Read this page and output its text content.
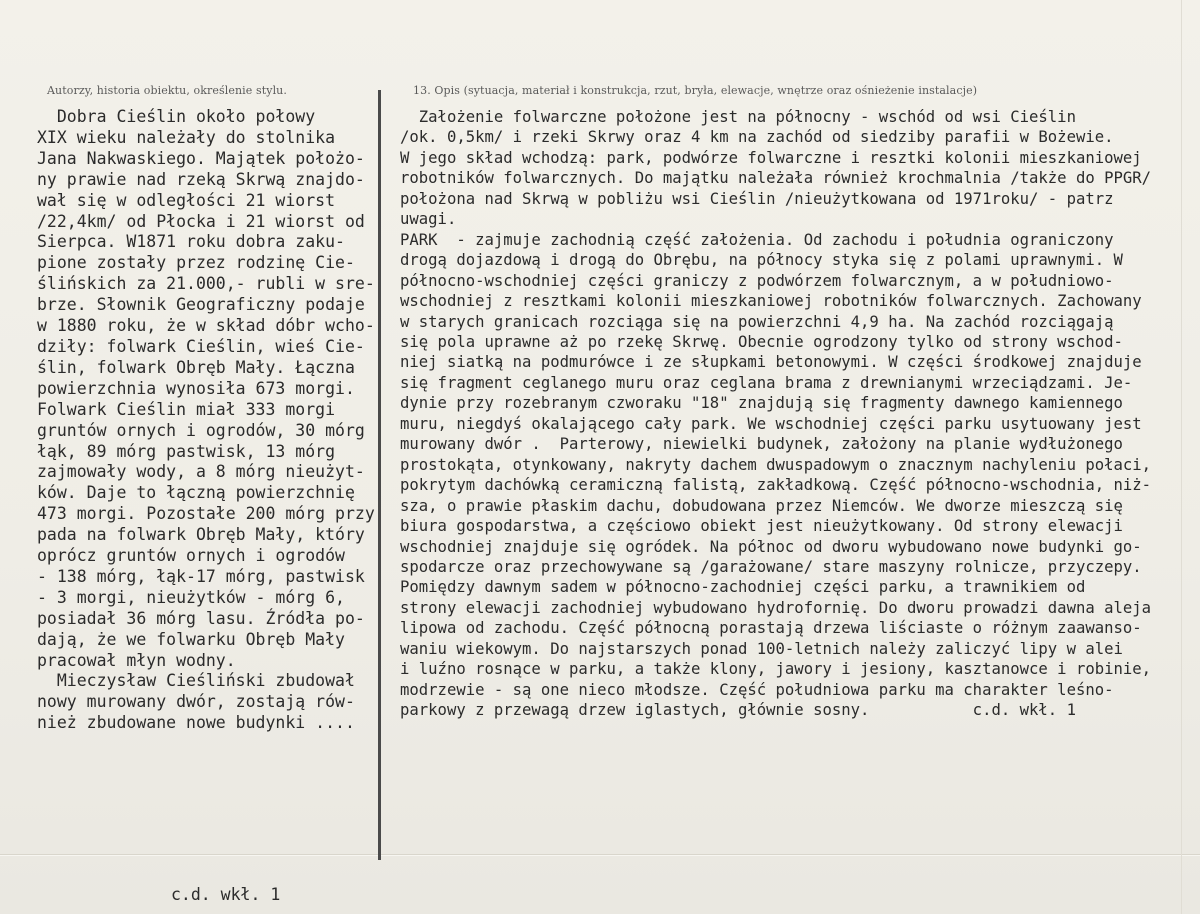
Autorzy, historia obiektu, określenie stylu.	13. Opis (sytuacja, materiał i konstrukcja, rzut, bryła, elewacje, wnętrze oraz ośnieżenie instalacje)
Dobra Cieślin około połowy
XIX wieku należały do stolnika
Jana Nakwaskiego. Majątek położo-
ny prawie nad rzeką Skrwą znajdo-
wał się w odległości 21 wiorst
/22,4km/ od Płocka i 21 wiorst od
Sierpca. W1871 roku dobra zaku-
pione zostały przez rodzinę Cie-
ślińskich za 21.000,- rubli w sre-
brze. Słownik Geograficzny podaje
w 1880 roku, że w skład dóbr wcho-
dziły: folwark Cieślin, wieś Cie-
ślin, folwark Obręb Mały. Łączna
powierzchnia wynosiła 673 morgi.
Folwark Cieślin miał 333 morgi
gruntów ornych i ogrodów, 30 mórg
łąk, 89 mórg pastwisk, 13 mórg
zajmowały wody, a 8 mórg nieużyt-
ków. Daje to łączną powierzchnię
473 morgi. Pozostałe 200 mórg przy
pada na folwark Obręb Mały, który
oprócz gruntów ornych i ogrodów
- 138 mórg, łąk-17 mórg, pastwisk
- 3 morgi, nieużytków - mórg 6,
posiadał 36 mórg lasu. Źródła po-
dają, że we folwarku Obręb Mały
pracował młyn wodny.
Mieczysław Cieśliński zbudował
nowy murowany dwór, zostają rów-
nież zbudowane nowe budynki ....
Założenie folwarczne położone jest na północny - wschód od wsi Cieślin
/ok. 0,5km/ i rzeki Skrwy oraz 4 km na zachód od siedziby parafii w Bożewie.
W jego skład wchodzą: park, podwórze folwarczne i resztki kolonii mieszkaniowej
robotników folwarcznych. Do majątku należała również krochmalnia /także do PPGR/
położona nad Skrwą w pobliżu wsi Cieślin /nieużytkowana od 1971roku/ - patrz
uwagi.
PARK  - zajmuje zachodnią część założenia. Od zachodu i południa ograniczony
drogą dojazdową i drogą do Obrębu, na północy styka się z polami uprawnymi. W
północno-wschodniej części graniczy z podwórzem folwarcznym, a w południowo-
wschodniej z resztkami kolonii mieszkaniowej robotników folwarcznych. Zachowany
w starych granicach rozciąga się na powierzchni 4,9 ha. Na zachód rozciągają
się pola uprawne aż po rzekę Skrwę. Obecnie ogrodzony tylko od strony wschod-
niej siatką na podmurówce i ze słupkami betonowymi. W części środkowej znajduje
się fragment ceglanego muru oraz ceglana brama z drewnianymi wrzeciądzami. Je-
dynie przy rozebranym czworaku "18" znajdują się fragmenty dawnego kamiennego
muru, niegdyś okalającego cały park. We wschodniej części parku usytuowany jest
murowany dwór .  Parterowy, niewielki budynek, założony na planie wydłużonego
prostokąta, otynkowany, nakryty dachem dwuspadowym o znacznym nachyleniu połaci,
pokrytym dachówką ceramiczną falistą, zakładkową. Część północno-wschodnia, niż-
sza, o prawie płaskim dachu, dobudowana przez Niemców. We dworze mieszczą się
biura gospodarstwa, a częściowo obiekt jest nieużytkowany. Od strony elewacji
wschodniej znajduje się ogródek. Na północ od dworu wybudowano nowe budynki go-
spodarcze oraz przechowywane są /garażowane/ stare maszyny rolnicze, przyczepy.
Pomiędzy dawnym sadem w północno-zachodniej części parku, a trawnikiem od
strony elewacji zachodniej wybudowano hydrofornię. Do dworu prowadzi dawna aleja
lipowa od zachodu. Część północną porastają drzewa liściaste o różnym zaawanso-
waniu wiekowym. Do najstarszych ponad 100-letnich należy zaliczyć lipy w alei
i luźno rosnące w parku, a także klony, jawory i jesiony, kasztanowce i robinie,
modrzewie - są one nieco młodsze. Część południowa parku ma charakter leśno-
parkowy z przewagą drzew iglastych, głównie sosny.           c.d. wkł. 1
c.d. wkł. 1
